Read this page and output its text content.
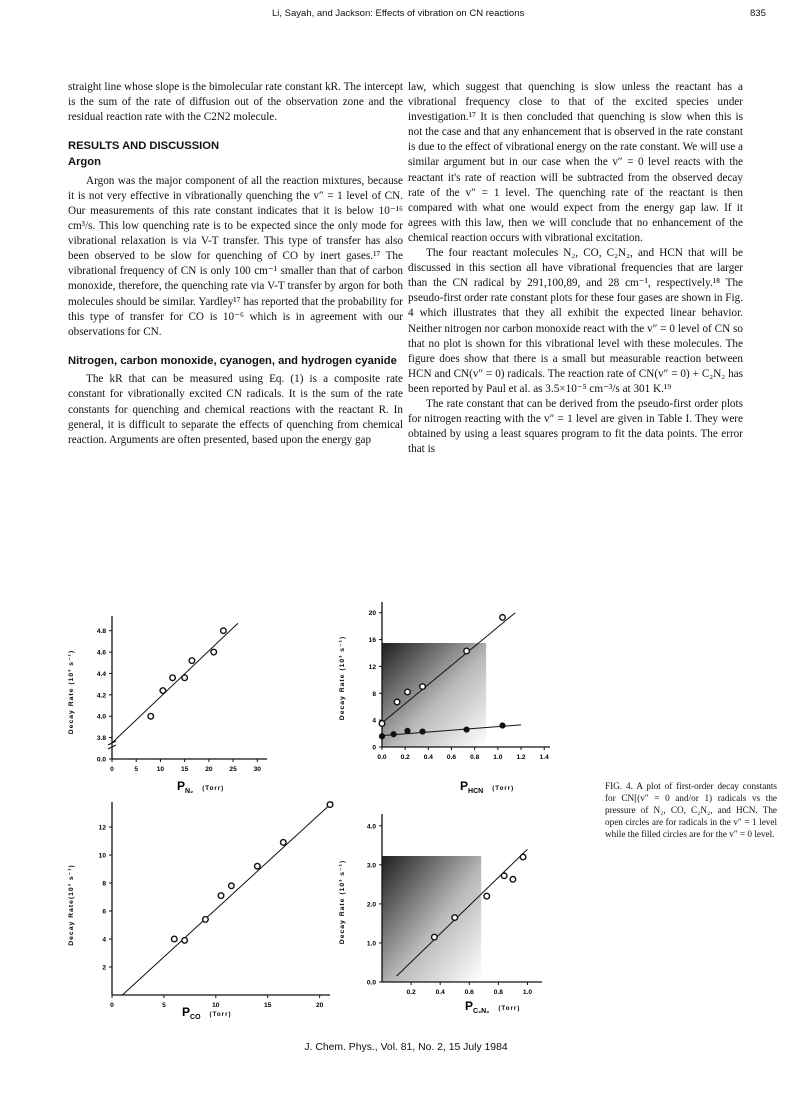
Li, Sayah, and Jackson: Effects of vibration on CN reactions	835

straight line whose slope is the bimolecular rate constant kR. The intercept is the sum of the rate of diffusion out of the observation zone and the residual reaction rate with the C2N2 molecule.

RESULTS AND DISCUSSION
Argon

Argon was the major component of all the reaction mixtures, because it is not very effective in vibrationally quenching the v″ = 1 level of CN. Our measurements of this rate constant indicates that it is below 10⁻¹⁶ cm³/s. This low quenching rate is to be expected since the only mode for vibrational relaxation is via V-T transfer. This type of transfer has also been observed to be slow for quenching of CO by inert gases.¹⁷ The vibrational frequency of CN is only 100 cm⁻¹ smaller than that of carbon monoxide, therefore, the quenching rate via V-T transfer by argon for both molecules should be similar. Yardley¹⁷ has reported that the probability for this type of transfer for CO is 10⁻⁶ which is in agreement with our observations for CN.

Nitrogen, carbon monoxide, cyanogen, and hydrogen cyanide

The kR that can be measured using Eq. (1) is a composite rate constant for vibrationally excited CN radicals. It is the sum of the rate constants for quenching and chemical reactions with the reactant R. In general, it is difficult to separate the effects of quenching from chemical reaction. Arguments are often presented, based upon the energy gap

law, which suggest that quenching is slow unless the reactant has a vibrational frequency close to that of the excited species under investigation.¹⁷ It is then concluded that quenching is slow when this is not the case and that any enhancement that is observed in the rate constant is due to the effect of vibrational energy on the rate constant. We will use a similar argument but in our case when the v″ = 0 level reacts with the reactant it's rate of reaction will be subtracted from the observed decay rate of the v″ = 1 level. The quenching rate of the reactant is then compared with what one would expect from the energy gap law. If it agrees with this law, then we will conclude that no enhancement of the chemical reaction occurs with vibrational excitation.

The four reactant molecules N₂, CO, C₂N₂, and HCN that will be discussed in this section all have vibrational frequencies that are larger than the CN radical by 291,100,89, and 28 cm⁻¹, respectively.¹⁸ The pseudo-first order rate constant plots for these four gases are shown in Fig. 4 which illustrates that they all exhibit the expected linear behavior. Neither nitrogen nor carbon monoxide react with the v″ = 0 level of CN so that no plot is shown for this vibrational level with these molecules. The figure does show that there is a small but measurable reaction between HCN and CN(v″ = 0) radicals. The reaction rate of CN(v″ = 0) + C₂N₂ has been reported by Paul et al. as 3.5×10⁻⁵ cm⁻³/s at 301 K.¹⁹

The rate constant that can be derived from the pseudo-first order plots for nitrogen reacting with the v″ = 1 level are given in Table I. They were obtained by using a least squares program to fit the data points. The error that is

0	5	10	15	20	25	30
0.0
3.8
4.0
4.2
4.4
4.6
4.8
Decay Rate (10³ s⁻¹)
$P_{N_2}$ $^{(Torr)}$
0.0 0.2 0.4 0.6 0.8 1.0 1.2 1.4
0
4
8
12
16
20
Decay Rate (10³ s⁻¹)
$P_{HCN}$ $^{(Torr)}$
0	5	10	15	20
2
4
6
8
10
12
Decay Rate(10³ s⁻¹)
$P_{CO}$ $^{(Torr)}$
0.2	0.4	0.6	0.8	1.0
0.0
1.0
2.0
3.0
4.0
Decay Rate (10³ s⁻¹)
$P_{C_2N_2}$ $^{(Torr)}$
FIG. 4. A plot of first-order decay constants for CN[(v″ = 0 and/or 1) radicals vs the pressure of N₂, CO, C₂N₂, and HCN. The open circles are for radicals in the v″ = 1 level while the filled circles are for the v″ = 0 level.
J. Chem. Phys., Vol. 81, No. 2, 15 July 1984
